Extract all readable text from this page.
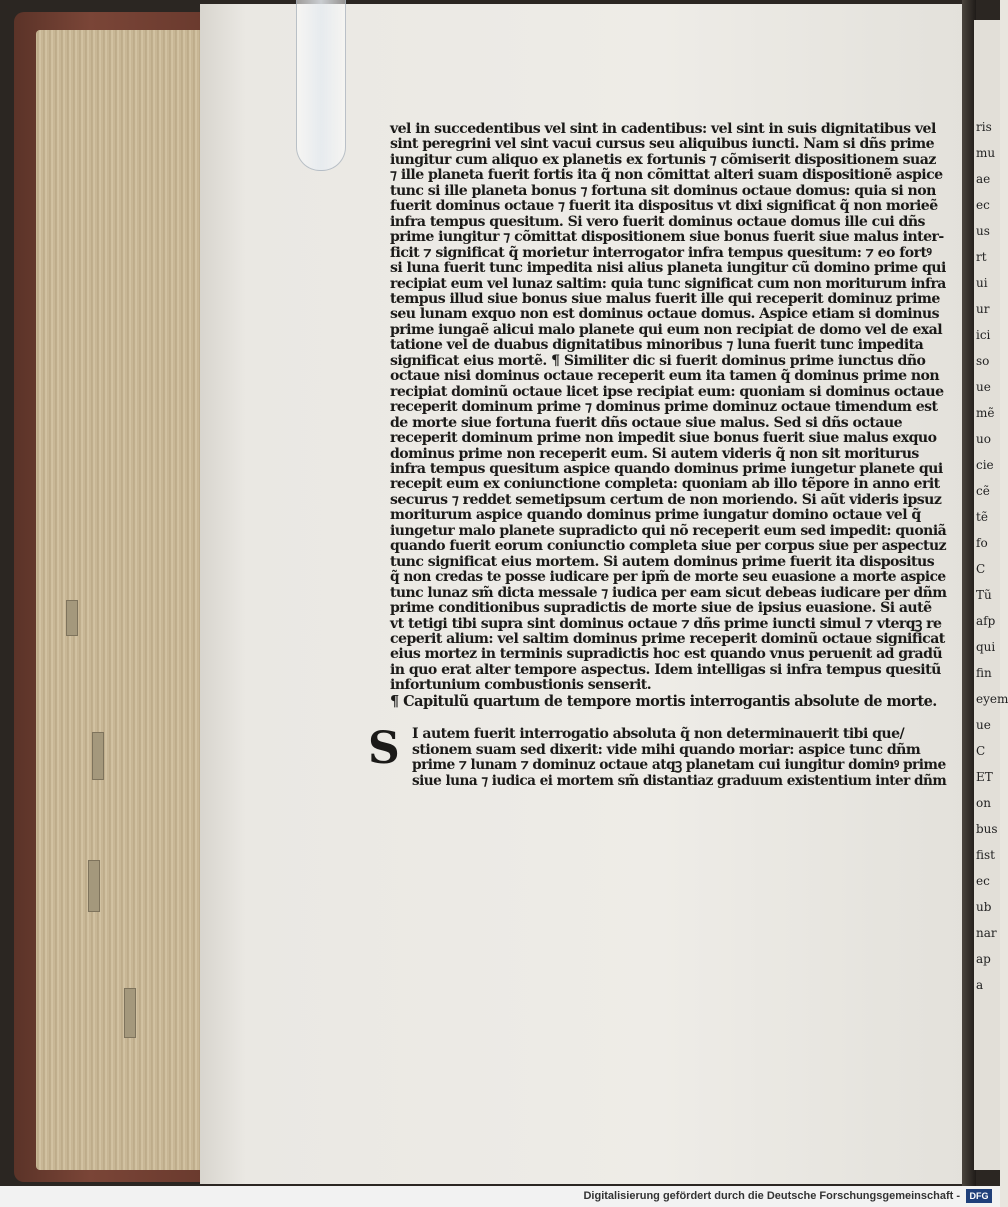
ris
mu
ae
ec
us
rt
ui
ur
ici
so
ue
mẽ
uo
cie
cẽ
tẽ
fo
C
Tũ
afp
qui
fin
eyem
ue
C
ET
on
bus
fist
ec
ub
nar
ap
a
vel in succedentibus vel sint in cadentibus: vel sint in suis dignitatibus vel
sint peregrini vel sint vacui cursus seu aliquibus iuncti. Nam si dñs prime
iungitur cum aliquo ex planetis ex fortunis ⁊ cõmiserit dispositionem suaz
⁊ ille planeta fuerit fortis ita q̃ non cõmittat alteri suam dispositionẽ aspice
tunc si ille planeta bonus ⁊ fortuna sit dominus octaue domus: quia si non
fuerit dominus octaue ⁊ fuerit ita dispositus vt dixi significat q̃ non morieẽ
infra tempus quesitum. Si vero fuerit dominus octaue domus ille cui dñs
prime iungitur ⁊ cõmittat dispositionem siue bonus fuerit siue malus inter-
ficit ⁊ significat q̃ morietur interrogator infra tempus quesitum: ⁊ eo fortꝰ
si luna fuerit tunc impedita nisi alius planeta iungitur cũ domino prime qui
recipiat eum vel lunaz saltim: quia tunc significat cum non moriturum infra
tempus illud siue bonus siue malus fuerit ille qui receperit dominuz prime
seu lunam exquo non est dominus octaue domus. Aspice etiam si dominus
prime iungaẽ alicui malo planete qui eum non recipiat de domo vel de exal
tatione vel de duabus dignitatibus minoribus ⁊ luna fuerit tunc impedita
significat eius mortẽ. ¶ Similiter dic si fuerit dominus prime iunctus dño
octaue nisi dominus octaue receperit eum ita tamen q̃ dominus prime non
recipiat dominũ octaue licet ipse recipiat eum: quoniam si dominus octaue
receperit dominum prime ⁊ dominus prime dominuz octaue timendum est
de morte siue fortuna fuerit dñs octaue siue malus. Sed si dñs octaue
receperit dominum prime non impedit siue bonus fuerit siue malus exquo
dominus prime non receperit eum. Si autem videris q̃ non sit moriturus
infra tempus quesitum aspice quando dominus prime iungetur planete qui
recepit eum ex coniunctione completa: quoniam ab illo tẽpore in anno erit
securus ⁊ reddet semetipsum certum de non moriendo. Si aũt videris ipsuz
moriturum aspice quando dominus prime iungatur domino octaue vel q̃
iungetur malo planete supradicto qui nõ receperit eum sed impedit: quoniã
quando fuerit eorum coniunctio completa siue per corpus siue per aspectuz
tunc significat eius mortem. Si autem dominus prime fuerit ita dispositus
q̃ non credas te posse iudicare per ipm̃ de morte seu euasione a morte aspice
tunc lunaz sm̃ dicta messale ⁊ iudica per eam sicut debeas iudicare per dñm
prime conditionibus supradictis de morte siue de ipsius euasione. Si autẽ
vt tetigi tibi supra sint dominus octaue ⁊ dñs prime iuncti simul ⁊ vterqꝫ re
ceperit alium: vel saltim dominus prime receperit dominũ octaue significat
eius mortez in terminis supradictis hoc est quando vnus peruenit ad gradũ
in quo erat alter tempore aspectus. Idem intelligas si infra tempus quesitũ
infortunium combustionis senserit.
¶ Capitulũ quartum de tempore mortis interrogantis absolute de morte.
S I autem fuerit interrogatio absoluta q̃ non determinauerit tibi que/
stionem suam sed dixerit: vide mihi quando moriar: aspice tunc dñm
prime ⁊ lunam ⁊ dominuz octaue atqꝫ planetam cui iungitur dominꝰ prime
siue luna ⁊ iudica ei mortem sm̃ distantiaz graduum existentium inter dñm
Digitalisierung gefördert durch die Deutsche Forschungsgemeinschaft -	DFG
